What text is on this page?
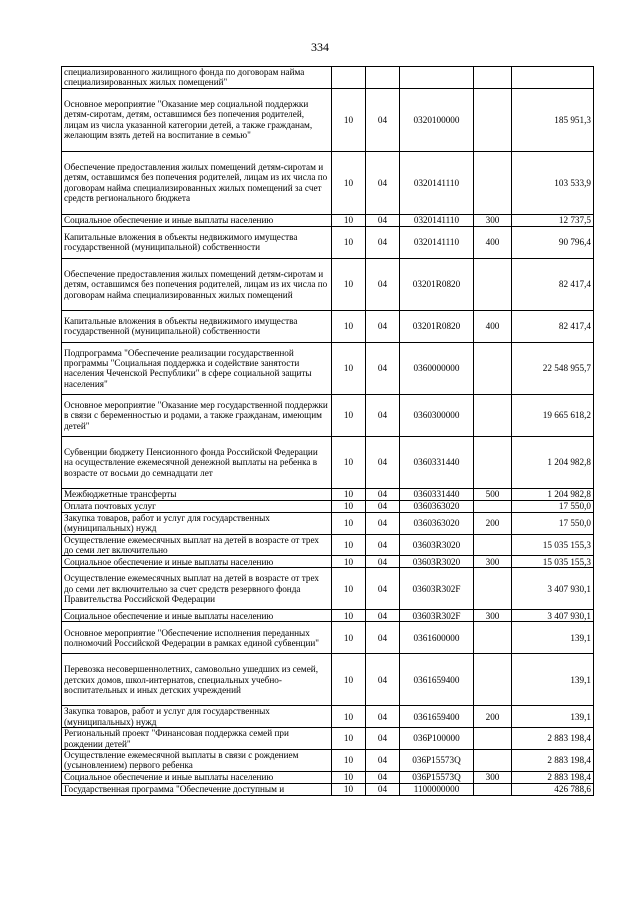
334
специализированного жилищного фонда по договорам найма специализированных жилых помещений"					
Основное мероприятие "Оказание мер социальной поддержки детям-сиротам, детям, оставшимся без попечения родителей, лицам из числа указанной категории детей, а также гражданам, желающим взять детей на воспитание в семью"	10	04	0320100000		185 951,3
Обеспечение предоставления жилых помещений детям-сиротам и детям, оставшимся без попечения родителей, лицам из их числа по договорам найма специализированных жилых помещений за счет средств регионального бюджета	10	04	0320141110		103 533,9
Социальное обеспечение и иные выплаты населению	10	04	0320141110	300	12 737,5
Капитальные вложения в объекты недвижимого имущества государственной (муниципальной) собственности	10	04	0320141110	400	90 796,4
Обеспечение предоставления жилых помещений детям-сиротам и детям, оставшимся без попечения родителей, лицам из их числа по договорам найма специализированных жилых помещений	10	04	03201R0820		82 417,4
Капитальные вложения в объекты недвижимого имущества государственной (муниципальной) собственности	10	04	03201R0820	400	82 417,4
Подпрограмма "Обеспечение реализации государственной программы "Социальная поддержка и содействие занятости населения Чеченской Республики" в сфере социальной защиты населения"	10	04	0360000000		22 548 955,7
Основное мероприятие "Оказание мер государственной поддержки в связи с беременностью и родами, а также гражданам, имеющим детей"	10	04	0360300000		19 665 618,2
Субвенции бюджету Пенсионного фонда Российской Федерации на осуществление ежемесячной денежной выплаты на ребенка в возрасте от восьми до семнадцати лет	10	04	0360331440		1 204 982,8
Межбюджетные трансферты	10	04	0360331440	500	1 204 982,8
Оплата почтовых услуг	10	04	0360363020		17 550,0
Закупка товаров, работ и услуг для государственных (муниципальных) нужд	10	04	0360363020	200	17 550,0
Осуществление ежемесячных выплат на детей в возрасте от трех до семи лет включительно	10	04	03603R3020		15 035 155,3
Социальное обеспечение и иные выплаты населению	10	04	03603R3020	300	15 035 155,3
Осуществление ежемесячных выплат на детей в возрасте от трех до семи лет включительно за счет средств резервного фонда Правительства Российской Федерации	10	04	03603R302F		3 407 930,1
Социальное обеспечение и иные выплаты населению	10	04	03603R302F	300	3 407 930,1
Основное мероприятие "Обеспечение исполнения переданных полномочий Российской Федерации в рамках единой субвенции"	10	04	0361600000		139,1
Перевозка несовершеннолетних, самовольно ушедших из семей, детских домов, школ-интернатов, специальных учебно-воспитательных и иных детских учреждений	10	04	0361659400		139,1
Закупка товаров, работ и услуг для государственных (муниципальных) нужд	10	04	0361659400	200	139,1
Региональный проект "Финансовая поддержка семей при рождении детей"	10	04	036P100000		2 883 198,4
Осуществление ежемесячной выплаты в связи с рождением (усыновлением) первого ребенка	10	04	036P15573Q		2 883 198,4
Социальное обеспечение и иные выплаты населению	10	04	036P15573Q	300	2 883 198,4
Государственная программа "Обеспечение доступным и	10	04	1100000000		426 788,6
